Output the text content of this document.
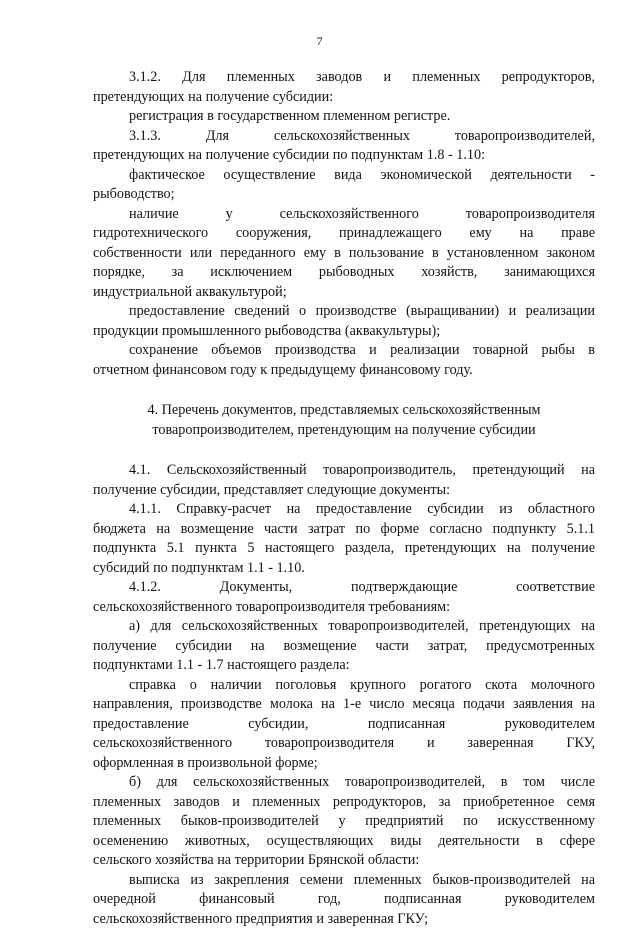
7

3.1.2. Для племенных заводов и племенных репродукторов,

претендующих на получение субсидии:

регистрация в государственном племенном регистре.

3.1.3. Для сельскохозяйственных товаропроизводителей,

претендующих на получение субсидии по подпунктам 1.8 - 1.10:

фактическое осуществление вида экономической деятельности -

рыбоводство;

наличие у сельскохозяйственного товаропроизводителя

гидротехнического сооружения, принадлежащего ему на праве

собственности или переданного ему в пользование в установленном законом

порядке, за исключением рыбоводных хозяйств, занимающихся

индустриальной аквакультурой;

предоставление сведений о производстве (выращивании) и реализации

продукции промышленного рыбоводства (аквакультуры);

сохранение объемов производства и реализации товарной рыбы в

отчетном финансовом году к предыдущему финансовому году.

4. Перечень документов, представляемых сельскохозяйственным

товаропроизводителем, претендующим на получение субсидии

4.1. Сельскохозяйственный товаропроизводитель, претендующий на

получение субсидии, представляет следующие документы:

4.1.1. Справку-расчет на предоставление субсидии из областного

бюджета на возмещение части затрат по форме согласно подпункту 5.1.1

подпункта 5.1 пункта 5 настоящего раздела, претендующих на получение

субсидий по подпунктам 1.1 - 1.10.

4.1.2. Документы, подтверждающие соответствие

сельскохозяйственного товаропроизводителя требованиям:

а) для сельскохозяйственных товаропроизводителей, претендующих на

получение субсидии на возмещение части затрат, предусмотренных

подпунктами 1.1 - 1.7 настоящего раздела:

справка о наличии поголовья крупного рогатого скота молочного

направления, производстве молока на 1-е число месяца подачи заявления на

предоставление субсидии, подписанная руководителем

сельскохозяйственного товаропроизводителя и заверенная ГКУ,

оформленная в произвольной форме;

б) для сельскохозяйственных товаропроизводителей, в том числе

племенных заводов и племенных репродукторов, за приобретенное семя

племенных быков-производителей у предприятий по искусственному

осеменению животных, осуществляющих виды деятельности в сфере

сельского хозяйства на территории Брянской области:

выписка из закрепления семени племенных быков-производителей на

очередной финансовый год, подписанная руководителем

сельскохозяйственного предприятия и заверенная ГКУ;
